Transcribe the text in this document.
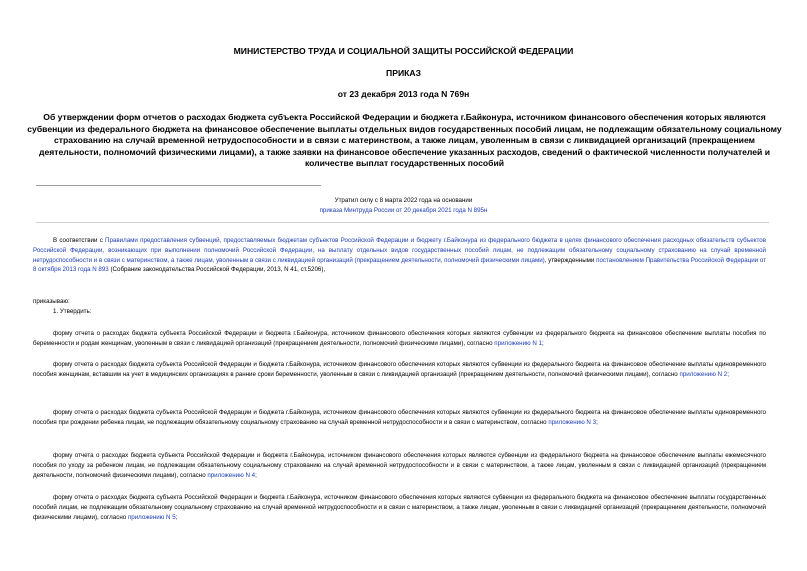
МИНИСТЕРСТВО ТРУДА И СОЦИАЛЬНОЙ ЗАЩИТЫ РОССИЙСКОЙ ФЕДЕРАЦИИ
ПРИКАЗ
от 23 декабря 2013 года N 769н
Об утверждении форм отчетов о расходах бюджета субъекта Российской Федерации и бюджета г.Байконура, источником финансового обеспечения которых являются субвенции из федерального бюджета на финансовое обеспечение выплаты отдельных видов государственных пособий лицам, не подлежащим обязательному социальному страхованию на случай временной нетрудоспособности и в связи с материнством, а также лицам, уволенным в связи с ликвидацией организаций (прекращением деятельности, полномочий физическими лицами), а также заявки на финансовое обеспечение указанных расходов, сведений о фактической численности получателей и количестве выплат государственных пособий
Утратил силу с 8 марта 2022 года на основании
приказа Минтруда России от 20 декабря 2021 года N 895н
В соответствии с Правилами предоставления субвенций, предоставляемых бюджетам субъектов Российской Федерации и бюджету г.Байконура из федерального бюджета в целях финансового обеспечения расходных обязательств субъектов Российской Федерации, возникающих при выполнении полномочий Российской Федерации, на выплату отдельных видов государственных пособий лицам, не подлежащим обязательному социальному страхованию на случай временной нетрудоспособности и в связи с материнством, а также лицам, уволенным в связи с ликвидацией организаций (прекращением деятельности, полномочий физическими лицами), утвержденными постановлением Правительства Российской Федерации от 8 октября 2013 года N 893 (Собрание законодательства Российской Федерации, 2013, N 41, ст.5206),
приказываю:
1. Утвердить:
форму отчета о расходах бюджета субъекта Российской Федерации и бюджета г.Байконура, источником финансового обеспечения которых являются субвенции из федерального бюджета на финансовое обеспечение выплаты пособия по беременности и родам женщинам, уволенным в связи с ликвидацией организаций (прекращением деятельности, полномочий физическими лицами), согласно приложению N 1;
форму отчета о расходах бюджета субъекта Российской Федерации и бюджета г.Байконура, источником финансового обеспечения которых являются субвенции из федерального бюджета на финансовое обеспечение выплаты единовременного пособия женщинам, вставшим на учет в медицинских организациях в ранние сроки беременности, уволенным в связи с ликвидацией организаций (прекращением деятельности, полномочий физическими лицами), согласно приложению N 2;
форму отчета о расходах бюджета субъекта Российской Федерации и бюджета г.Байконура, источником финансового обеспечения которых являются субвенции из федерального бюджета на финансовое обеспечение выплаты единовременного пособия при рождении ребенка лицам, не подлежащим обязательному социальному страхованию на случай временной нетрудоспособности и в связи с материнством, согласно приложению N 3;
форму отчета о расходах бюджета субъекта Российской Федерации и бюджета г.Байконура, источником финансового обеспечения которых являются субвенции из федерального бюджета на финансовое обеспечение выплаты ежемесячного пособия по уходу за ребенком лицам, не подлежащим обязательному социальному страхованию на случай временной нетрудоспособности и в связи с материнством, а также лицам, уволенным в связи с ликвидацией организаций (прекращением деятельности, полномочий физическими лицами), согласно приложению N 4;
форму отчета о расходах бюджета субъекта Российской Федерации и бюджета г.Байконура, источником финансового обеспечения которых являются субвенции из федерального бюджета на финансовое обеспечение выплаты государственных пособий лицам, не подлежащим обязательному социальному страхованию на случай временной нетрудоспособности и в связи с материнством, а также лицам, уволенным в связи с ликвидацией организаций (прекращением деятельности, полномочий физическими лицами), согласно приложению N 5;
